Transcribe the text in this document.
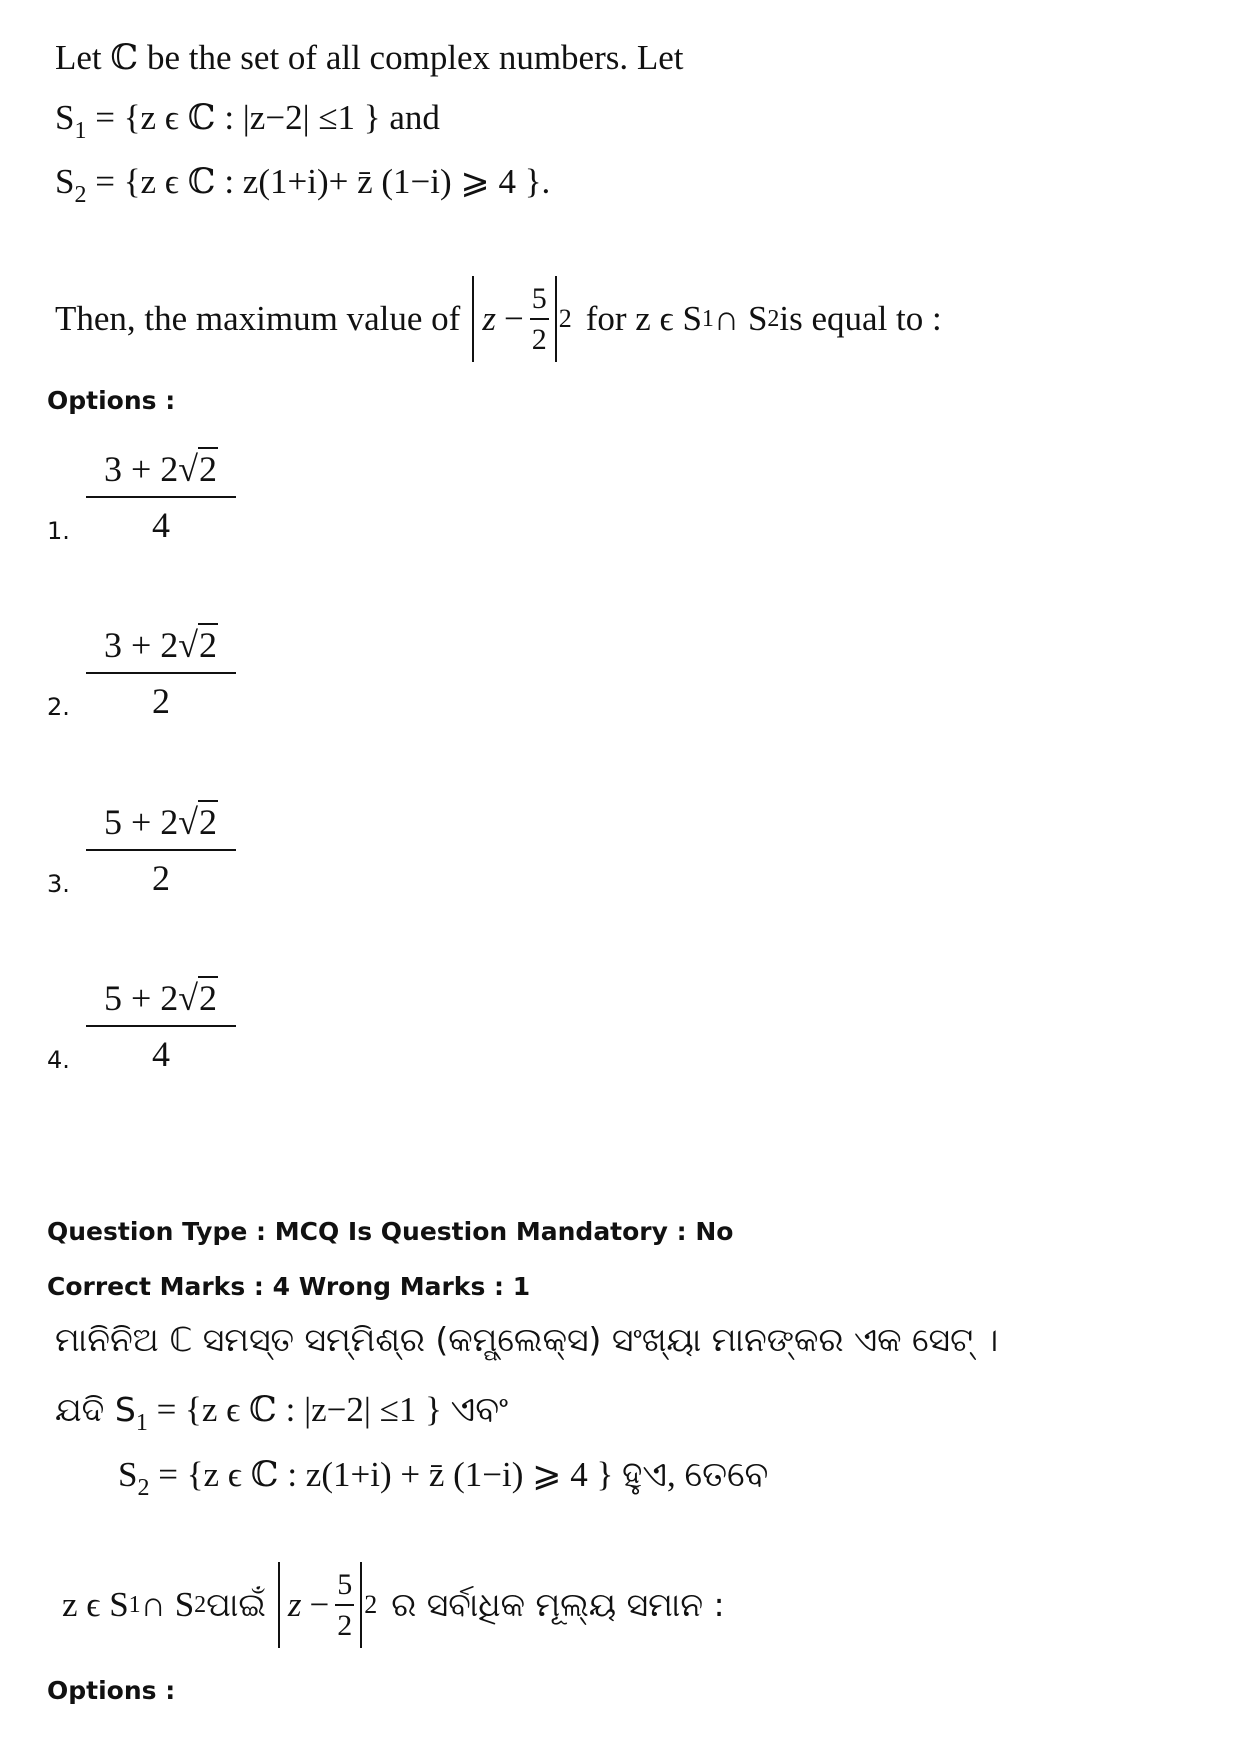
Let ℂ be the set of all complex numbers. Let
$S_1 = \{z$ ϵ ℂ : |z−2| ≤1 } and
$S_2 = \{z$ ϵ ℂ : z(1+i)+ z̄ (1−i) ⩾ 4 }.
Then, the maximum value of $z - \frac{5}{2} 2$ for z ϵ S 1 ∩ S 2 is equal to :
Options :
1.
3 + 2√2
4
2.
3 + 2√2
2
3.
5 + 2√2
2
4.
5 + 2√2
4
Question Type : MCQ Is Question Mandatory : No
Correct Marks : 4 Wrong Marks : 1
ମାନିନିଅ ℂ ସମସ୍ତ ସମ୍ମିଶ୍ର (କମ୍ପ୍ଲେକ୍ସ) ସଂଖ୍ୟା ମାନଙ୍କର ଏକ ସେଟ୍ ।
ଯଦି $S_1 = \{z$ ϵ ℂ : |z−2| ≤1 } ଏବଂ
$S_2 = \{z$ ϵ ℂ : z(1+i) + z̄ (1−i) ⩾ 4 } ହୁଏ, ତେବେ
z ϵ S 1 ∩ S 2 ପାଇଁ $z - \frac{5}{2} 2$ ର ସର୍ବାଧିକ ମୂଲ୍ୟ ସମାନ :
Options :
